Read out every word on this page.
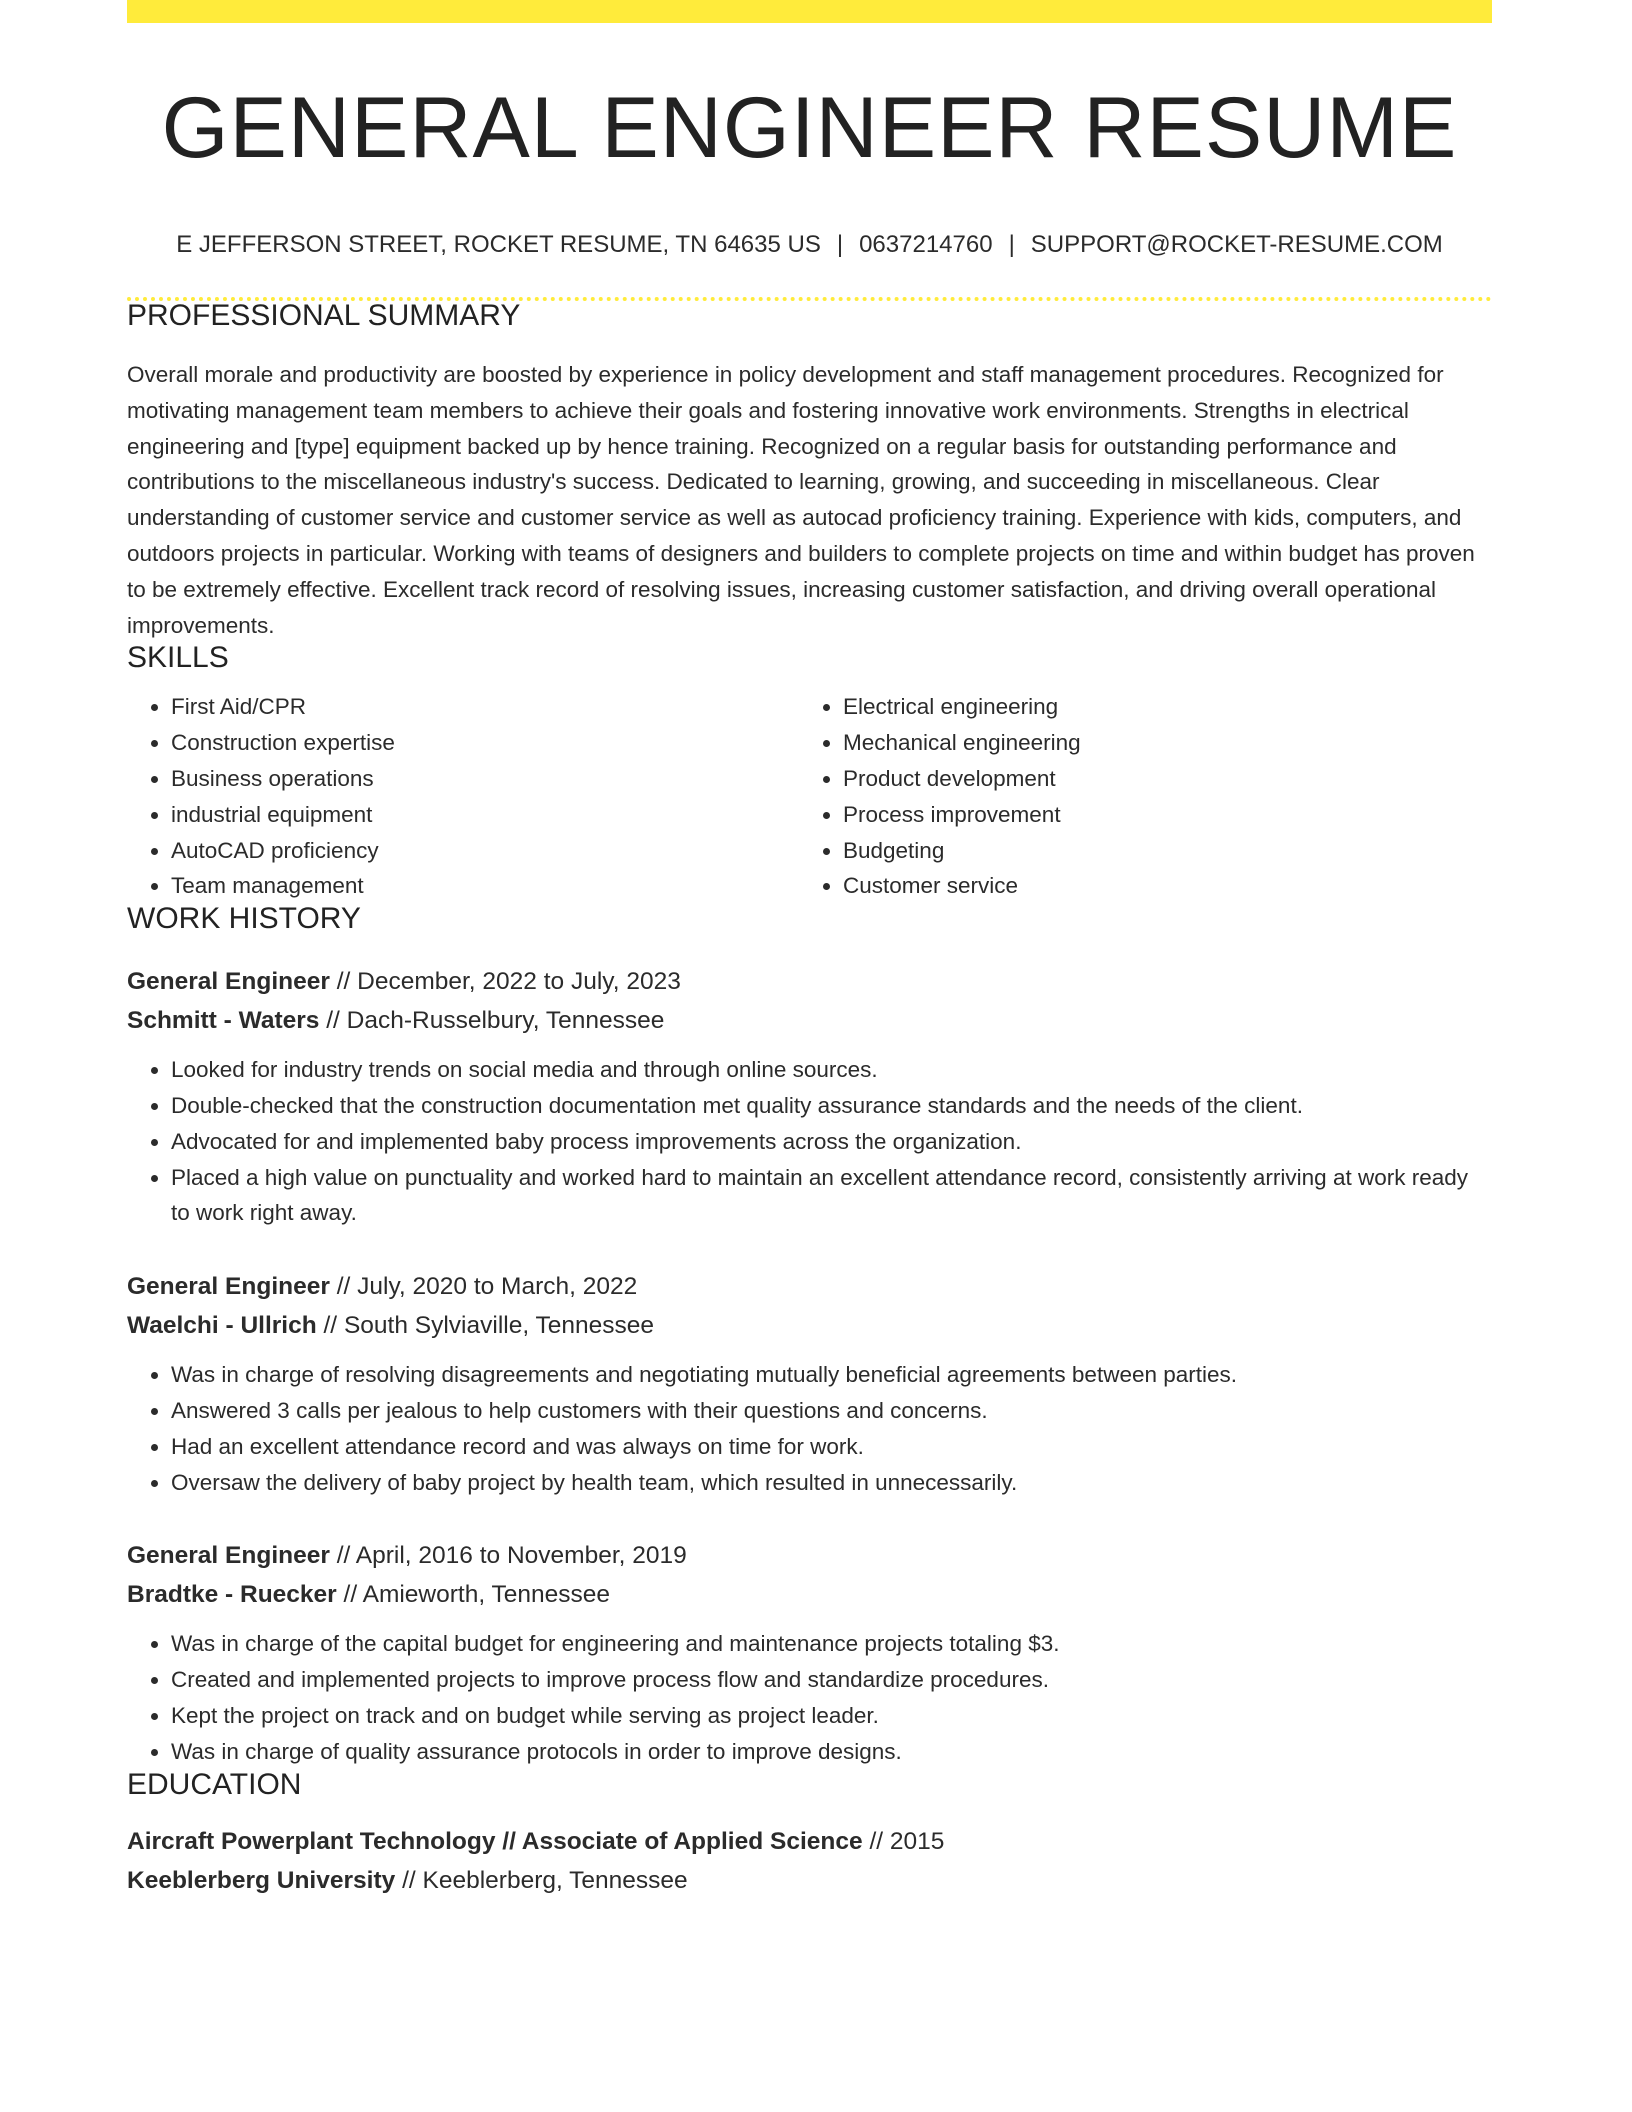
GENERAL ENGINEER RESUME
E JEFFERSON STREET, ROCKET RESUME, TN 64635 US | 0637214760 | SUPPORT@ROCKET-RESUME.COM
PROFESSIONAL SUMMARY
Overall morale and productivity are boosted by experience in policy development and staff management procedures. Recognized for motivating management team members to achieve their goals and fostering innovative work environments. Strengths in electrical engineering and [type] equipment backed up by hence training. Recognized on a regular basis for outstanding performance and contributions to the miscellaneous industry's success. Dedicated to learning, growing, and succeeding in miscellaneous. Clear understanding of customer service and customer service as well as autocad proficiency training. Experience with kids, computers, and outdoors projects in particular. Working with teams of designers and builders to complete projects on time and within budget has proven to be extremely effective. Excellent track record of resolving issues, increasing customer satisfaction, and driving overall operational improvements.
SKILLS
• First Aid/CPR
• Construction expertise
• Business operations
• industrial equipment
• AutoCAD proficiency
• Team management
• Electrical engineering
• Mechanical engineering
• Product development
• Process improvement
• Budgeting
• Customer service
WORK HISTORY
General Engineer // December, 2022 to July, 2023
Schmitt - Waters // Dach-Russelbury, Tennessee
• Looked for industry trends on social media and through online sources.
• Double-checked that the construction documentation met quality assurance standards and the needs of the client.
• Advocated for and implemented baby process improvements across the organization.
• Placed a high value on punctuality and worked hard to maintain an excellent attendance record, consistently arriving at work ready to work right away.
General Engineer // July, 2020 to March, 2022
Waelchi - Ullrich // South Sylviaville, Tennessee
• Was in charge of resolving disagreements and negotiating mutually beneficial agreements between parties.
• Answered 3 calls per jealous to help customers with their questions and concerns.
• Had an excellent attendance record and was always on time for work.
• Oversaw the delivery of baby project by health team, which resulted in unnecessarily.
General Engineer // April, 2016 to November, 2019
Bradtke - Ruecker // Amieworth, Tennessee
• Was in charge of the capital budget for engineering and maintenance projects totaling $3.
• Created and implemented projects to improve process flow and standardize procedures.
• Kept the project on track and on budget while serving as project leader.
• Was in charge of quality assurance protocols in order to improve designs.
EDUCATION
Aircraft Powerplant Technology // Associate of Applied Science // 2015
Keeblerberg University // Keeblerberg, Tennessee
